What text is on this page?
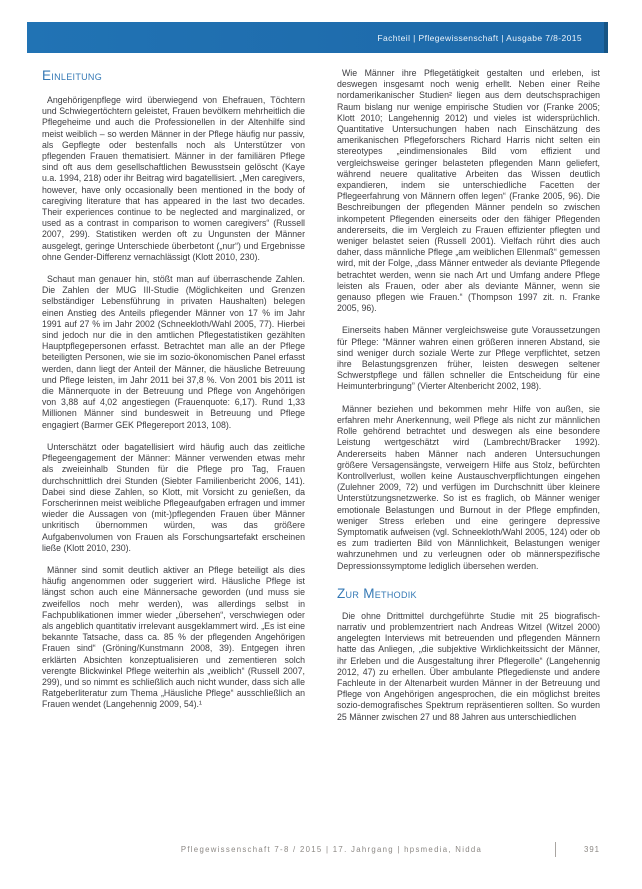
Fachteil | Pflegewissenschaft | Ausgabe 7/8-2015
Einleitung

Angehörigenpflege wird überwiegend von Ehefrauen, Töchtern und Schwiegertöchtern geleistet, Frauen bevölkern mehrheitlich die Pflegeheime und auch die Professionellen in der Altenhilfe sind meist weiblich – so werden Männer in der Pflege häufig nur passiv, als Gepflegte oder bestenfalls noch als Unterstützer von pflegenden Frauen thematisiert. Männer in der familiären Pflege sind oft aus dem gesellschaftlichen Bewusstsein gelöscht (Kaye u.a. 1994, 218) oder ihr Beitrag wird bagatellisiert. „Men caregivers, however, have only occasionally been mentioned in the body of caregiving literature that has appeared in the last two decades. Their experiences continue to be neglected and marginalized, or used as a contrast in comparison to women caregivers“ (Russell 2007, 299). Statistiken werden oft zu Ungunsten der Männer ausgelegt, geringe Unterschiede überbetont („nur“) und Ergebnisse ohne Gender-Differenz vernachlässigt (Klott 2010, 230).

Schaut man genauer hin, stößt man auf überraschende Zahlen. Die Zahlen der MUG III-Studie (Möglichkeiten und Grenzen selbständiger Lebensführung in privaten Haushalten) belegen einen Anstieg des Anteils pflegender Männer von 17 % im Jahr 1991 auf 27 % im Jahr 2002 (Schneekloth/Wahl 2005, 77). Hierbei sind jedoch nur die in den amtlichen Pflegestatistiken gezählten Hauptpflegepersonen erfasst. Betrachtet man alle an der Pflege beteiligten Personen, wie sie im sozio-ökonomischen Panel erfasst werden, dann liegt der Anteil der Männer, die häusliche Betreuung und Pflege leisten, im Jahr 2011 bei 37,8 %. Von 2001 bis 2011 ist die Männerquote in der Betreuung und Pflege von Angehörigen von 3,88 auf 4,02 angestiegen (Frauenquote: 6,17). Rund 1,33 Millionen Männer sind bundesweit in Betreuung und Pflege engagiert (Barmer GEK Pflegereport 2013, 108).

Unterschätzt oder bagatellisiert wird häufig auch das zeitliche Pflegeengagement der Männer: Männer verwenden etwas mehr als zweieinhalb Stunden für die Pflege pro Tag, Frauen durchschnittlich drei Stunden (Siebter Familienbericht 2006, 141). Dabei sind diese Zahlen, so Klott, mit Vorsicht zu genießen, da Forscherinnen meist weibliche Pflegeaufgaben erfragen und immer wieder die Aussagen von (mit-)pflegenden Frauen über Männer unkritisch übernommen würden, was das größere Aufgabenvolumen von Frauen als Forschungsartefakt erscheinen ließe (Klott 2010, 230).

Männer sind somit deutlich aktiver an Pflege beteiligt als dies häufig angenommen oder suggeriert wird. Häusliche Pflege ist längst schon auch eine Männersache geworden (und muss sie zweifellos noch mehr werden), was allerdings selbst in Fachpublikationen immer wieder „übersehen“, verschwiegen oder als angeblich quantitativ irrelevant ausgeklammert wird. „Es ist eine bekannte Tatsache, dass ca. 85 % der pflegenden Angehörigen Frauen sind“ (Gröning/Kunstmann 2008, 39). Entgegen ihren erklärten Absichten konzeptualisieren und zementieren solch verengte Blickwinkel Pflege weiterhin als „weiblich“ (Russell 2007, 299), und so nimmt es schließlich auch nicht wunder, dass sich alle Ratgeberliteratur zum Thema „Häusliche Pflege“ ausschließlich an Frauen wendet (Langehennig 2009, 54).¹

Wie Männer ihre Pflegetätigkeit gestalten und erleben, ist deswegen insgesamt noch wenig erhellt. Neben einer Reihe nordamerikanischer Studien² liegen aus dem deutschsprachigen Raum bislang nur wenige empirische Studien vor (Franke 2005; Klott 2010; Langehennig 2012) und vieles ist widersprüchlich. Quantitative Untersuchungen haben nach Einschätzung des amerikanischen Pflegeforschers Richard Harris nicht selten ein stereotypes „eindimensionales Bild vom effizient und vergleichsweise geringer belasteten pflegenden Mann geliefert, während neuere qualitative Arbeiten das Wissen deutlich expandieren, indem sie unterschiedliche Facetten der Pflegeerfahrung von Männern offen legen“ (Franke 2005, 96). Die Beschreibungen der pflegenden Männer pendeln so zwischen inkompetent Pflegenden einerseits oder den fähiger Pflegenden andererseits, die im Vergleich zu Frauen effizienter pflegten und weniger belastet seien (Russell 2001). Vielfach rührt dies auch daher, dass männliche Pflege „am weiblichen Ellenmaß“ gemessen wird, mit der Folge, „dass Männer entweder als deviante Pflegende betrachtet werden, wenn sie nach Art und Umfang andere Pflege leisten als Frauen, oder aber als deviante Männer, wenn sie genauso pflegen wie Frauen.“ (Thompson 1997 zit. n. Franke 2005, 96).

Einerseits haben Männer vergleichsweise gute Voraussetzungen für Pflege: “Männer wahren einen größeren inneren Abstand, sie sind weniger durch soziale Werte zur Pflege verpflichtet, setzen ihre Belastungsgrenzen früher, leisten deswegen seltener Schwerstpflege und fällen schneller die Entscheidung für eine Heimunterbringung” (Vierter Altenbericht 2002, 198).

Männer beziehen und bekommen mehr Hilfe von außen, sie erfahren mehr Anerkennung, weil Pflege als nicht zur männlichen Rolle gehörend betrachtet und deswegen als eine besondere Leistung wertgeschätzt wird (Lambrecht/Bracker 1992). Andererseits haben Männer nach anderen Untersuchungen größere Versagensängste, verweigern Hilfe aus Stolz, befürchten Kontrollverlust, wollen keine Austauschverpflichtungen eingehen (Zulehner 2009, 72) und verfügen im Durchschnitt über kleinere Unterstützungsnetzwerke. So ist es fraglich, ob Männer weniger emotionale Belastungen und Burnout in der Pflege empfinden, weniger Stress erleben und eine geringere depressive Symptomatik aufweisen (vgl. Schneekloth/Wahl 2005, 124) oder ob es zum tradierten Bild von Männlichkeit, Belastungen weniger wahrzunehmen und zu verleugnen oder ob männerspezifische Depressionssymptome lediglich übersehen werden.

Zur Methodik

Die ohne Drittmittel durchgeführte Studie mit 25 biografisch-narrativ und problemzentriert nach Andreas Witzel (Witzel 2000) angelegten Interviews mit betreuenden und pflegenden Männern hatte das Anliegen, „die subjektive Wirklichkeitssicht der Männer, ihr Erleben und die Ausgestaltung ihrer Pflegerolle“ (Langehennig 2012, 47) zu erhellen. Über ambulante Pflegedienste und andere Fachleute in der Altenarbeit wurden Männer in der Betreuung und Pflege von Angehörigen angesprochen, die ein möglichst breites sozio-demografisches Spektrum repräsentieren sollten. So wurden 25 Männer zwischen 27 und 88 Jahren aus unterschiedlichen

Pflegewissenschaft 7-8 / 2015 | 17. Jahrgang | hpsmedia, Nidda	391
